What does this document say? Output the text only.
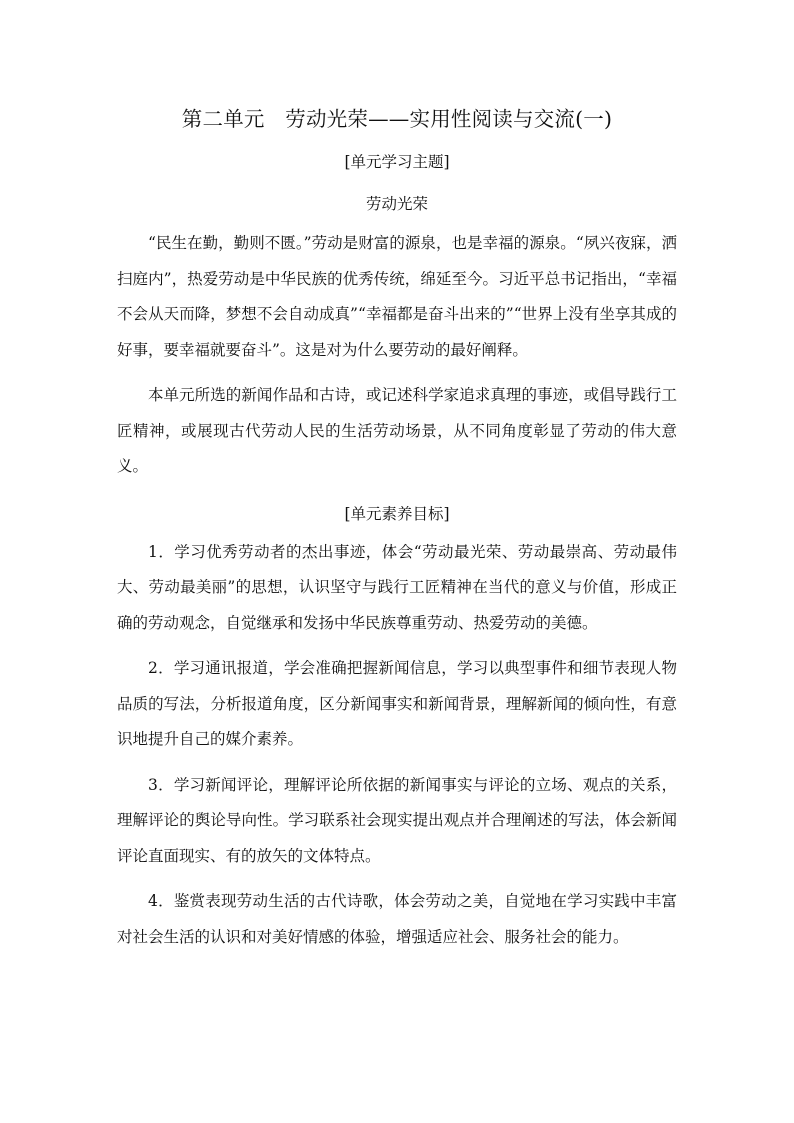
第二单元　劳动光荣——实用性阅读与交流(一)
[单元学习主题]
劳动光荣

“民生在勤，勤则不匮。”劳动是财富的源泉，也是幸福的源泉。“夙兴夜寐，洒扫庭内”，热爱劳动是中华民族的优秀传统，绵延至今。习近平总书记指出，“幸福不会从天而降，梦想不会自动成真”“幸福都是奋斗出来的”“世界上没有坐享其成的好事，要幸福就要奋斗”。这是对为什么要劳动的最好阐释。

本单元所选的新闻作品和古诗，或记述科学家追求真理的事迹，或倡导践行工匠精神，或展现古代劳动人民的生活劳动场景，从不同角度彰显了劳动的伟大意义。

[单元素养目标]

1．学习优秀劳动者的杰出事迹，体会“劳动最光荣、劳动最崇高、劳动最伟大、劳动最美丽”的思想，认识坚守与践行工匠精神在当代的意义与价值，形成正确的劳动观念，自觉继承和发扬中华民族尊重劳动、热爱劳动的美德。

2．学习通讯报道，学会准确把握新闻信息，学习以典型事件和细节表现人物品质的写法，分析报道角度，区分新闻事实和新闻背景，理解新闻的倾向性，有意识地提升自己的媒介素养。

3．学习新闻评论，理解评论所依据的新闻事实与评论的立场、观点的关系，理解评论的舆论导向性。学习联系社会现实提出观点并合理阐述的写法，体会新闻评论直面现实、有的放矢的文体特点。

4．鉴赏表现劳动生活的古代诗歌，体会劳动之美，自觉地在学习实践中丰富对社会生活的认识和对美好情感的体验，增强适应社会、服务社会的能力。
